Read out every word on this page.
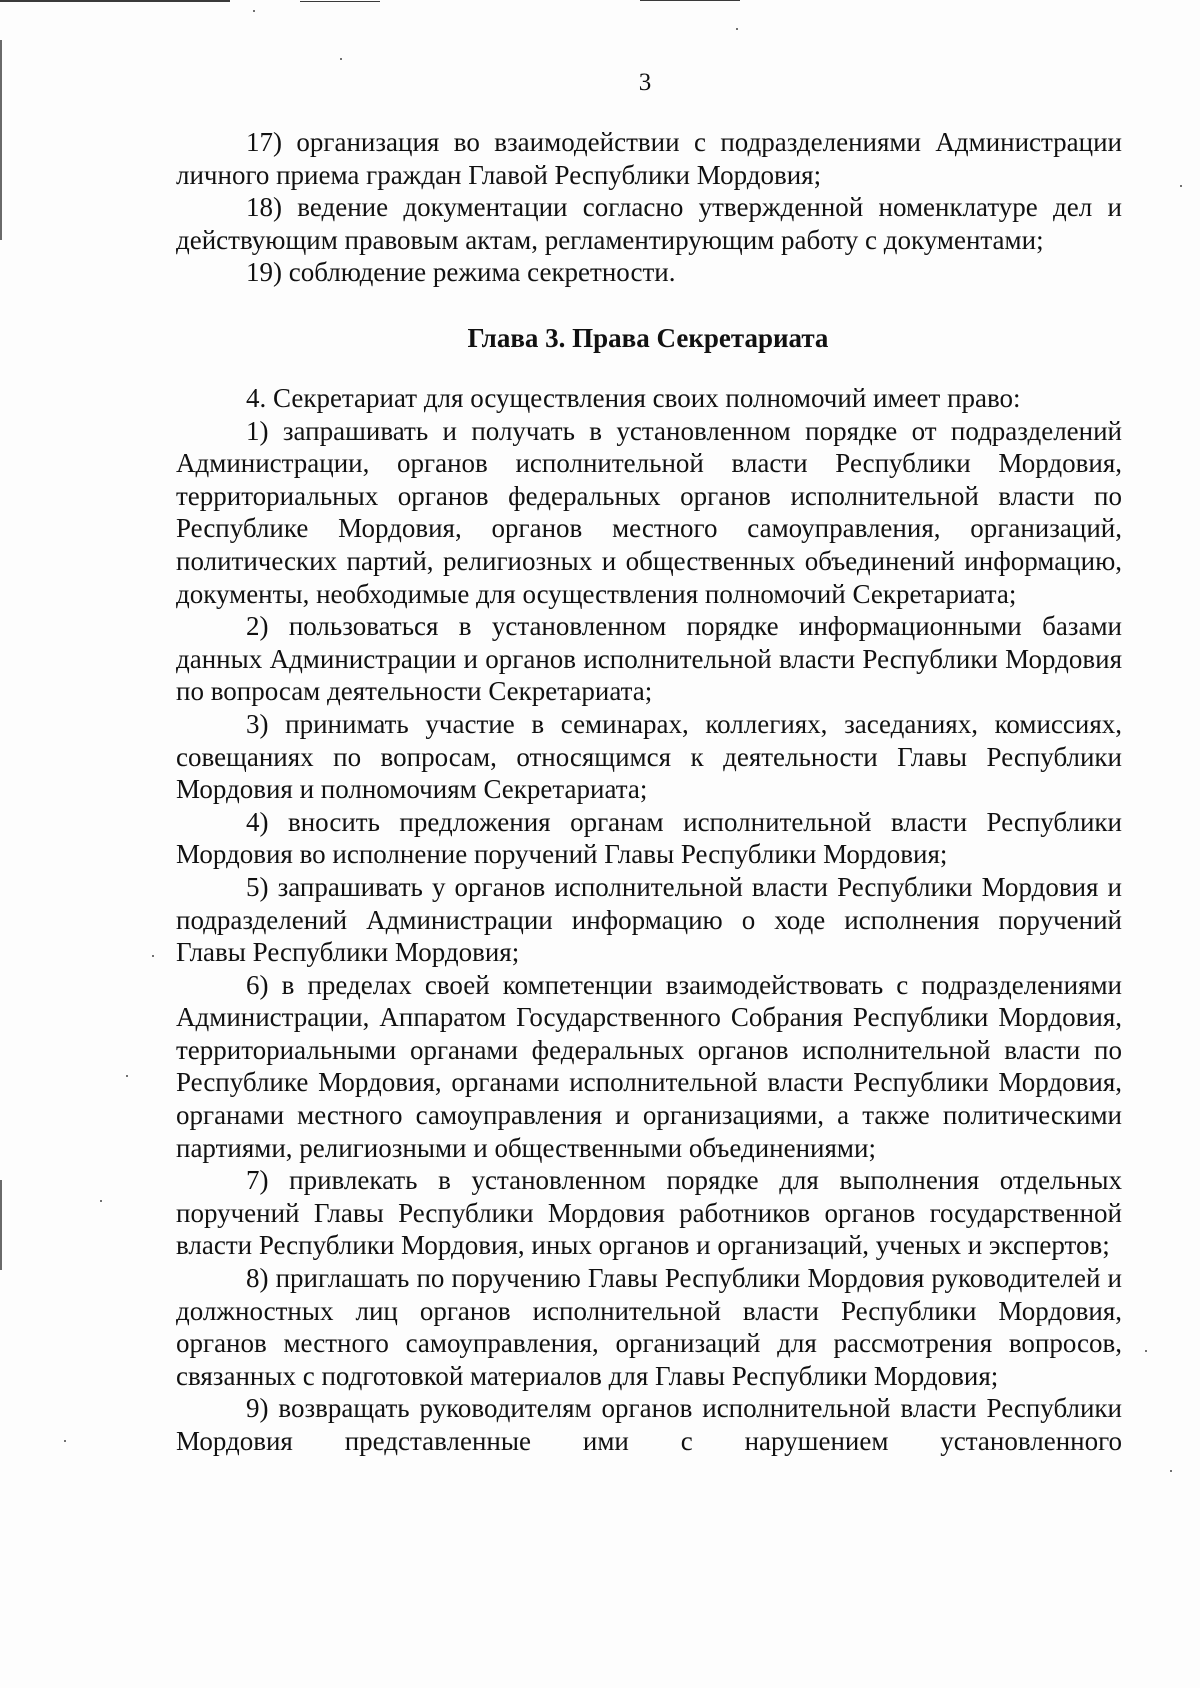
3

17) организация во взаимодействии с подразделениями Администрации личного приема граждан Главой Республики Мордовия;

18) ведение документации согласно утвержденной номенклатуре дел и действующим правовым актам, регламентирующим работу с документами;

19) соблюдение режима секретности.

Глава 3. Права Секретариата

4. Секретариат для осуществления своих полномочий имеет право:

1) запрашивать и получать в установленном порядке от подразделений Администрации, органов исполнительной власти Республики Мордовия, территориальных органов федеральных органов исполнительной власти по Республике Мордовия, органов местного самоуправления, организаций, политических партий, религиозных и общественных объединений информацию, документы, необходимые для осуществления полномочий Секретариата;

2) пользоваться в установленном порядке информационными базами данных Администрации и органов исполнительной власти Республики Мордовия по вопросам деятельности Секретариата;

3) принимать участие в семинарах, коллегиях, заседаниях, комиссиях, совещаниях по вопросам, относящимся к деятельности Главы Республики Мордовия и полномочиям Секретариата;

4) вносить предложения органам исполнительной власти Республики Мордовия во исполнение поручений Главы Республики Мордовия;

5) запрашивать у органов исполнительной власти Республики Мордовия и подразделений Администрации информацию о ходе исполнения поручений Главы Республики Мордовия;

6) в пределах своей компетенции взаимодействовать с подразделениями Администрации, Аппаратом Государственного Собрания Республики Мордовия, территориальными органами федеральных органов исполнительной власти по Республике Мордовия, органами исполнительной власти Республики Мордовия, органами местного самоуправления и организациями, а также политическими партиями, религиозными и общественными объединениями;

7) привлекать в установленном порядке для выполнения отдельных поручений Главы Республики Мордовия работников органов государственной власти Республики Мордовия, иных органов и организаций, ученых и экспертов;

8) приглашать по поручению Главы Республики Мордовия руководителей и должностных лиц органов исполнительной власти Республики Мордовия, органов местного самоуправления, организаций для рассмотрения вопросов, связанных с подготовкой материалов для Главы Республики Мордовия;

9) возвращать руководителям органов исполнительной власти Республики Мордовия представленные ими с нарушением установленного
